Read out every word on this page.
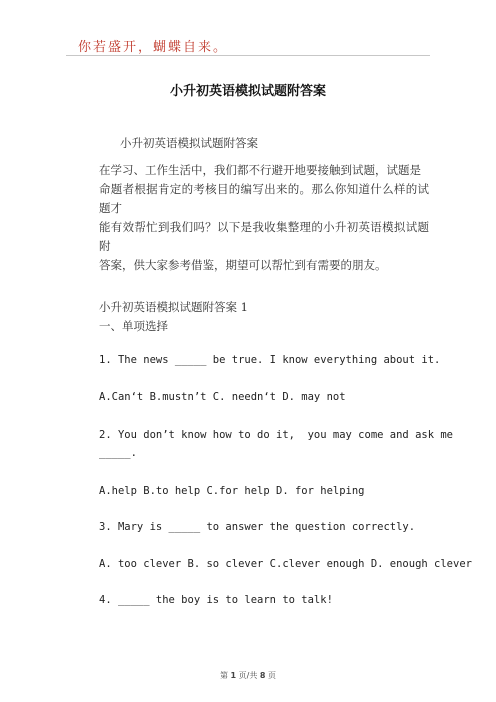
你若盛开，蝴蝶自来。
小升初英语模拟试题附答案
小升初英语模拟试题附答案
在学习、工作生活中，我们都不行避开地要接触到试题，试题是
命题者根据肯定的考核目的编写出来的。那么你知道什么样的试题才
能有效帮忙到我们吗？以下是我收集整理的小升初英语模拟试题附
答案，供大家参考借鉴，期望可以帮忙到有需要的朋友。
小升初英语模拟试题附答案 1
一、单项选择
1. The news _____ be true. I know everything about it.
A.Can‘t B.mustn’t C. needn‘t D. may not
2. You don’t know how to do it,  you may come and ask me
_____.
A.help B.to help C.for help D. for helping
3. Mary is _____ to answer the question correctly.
A. too clever B. so clever C.clever enough D. enough clever
4. _____ the boy is to learn to talk!
第 1 页/共 8 页
